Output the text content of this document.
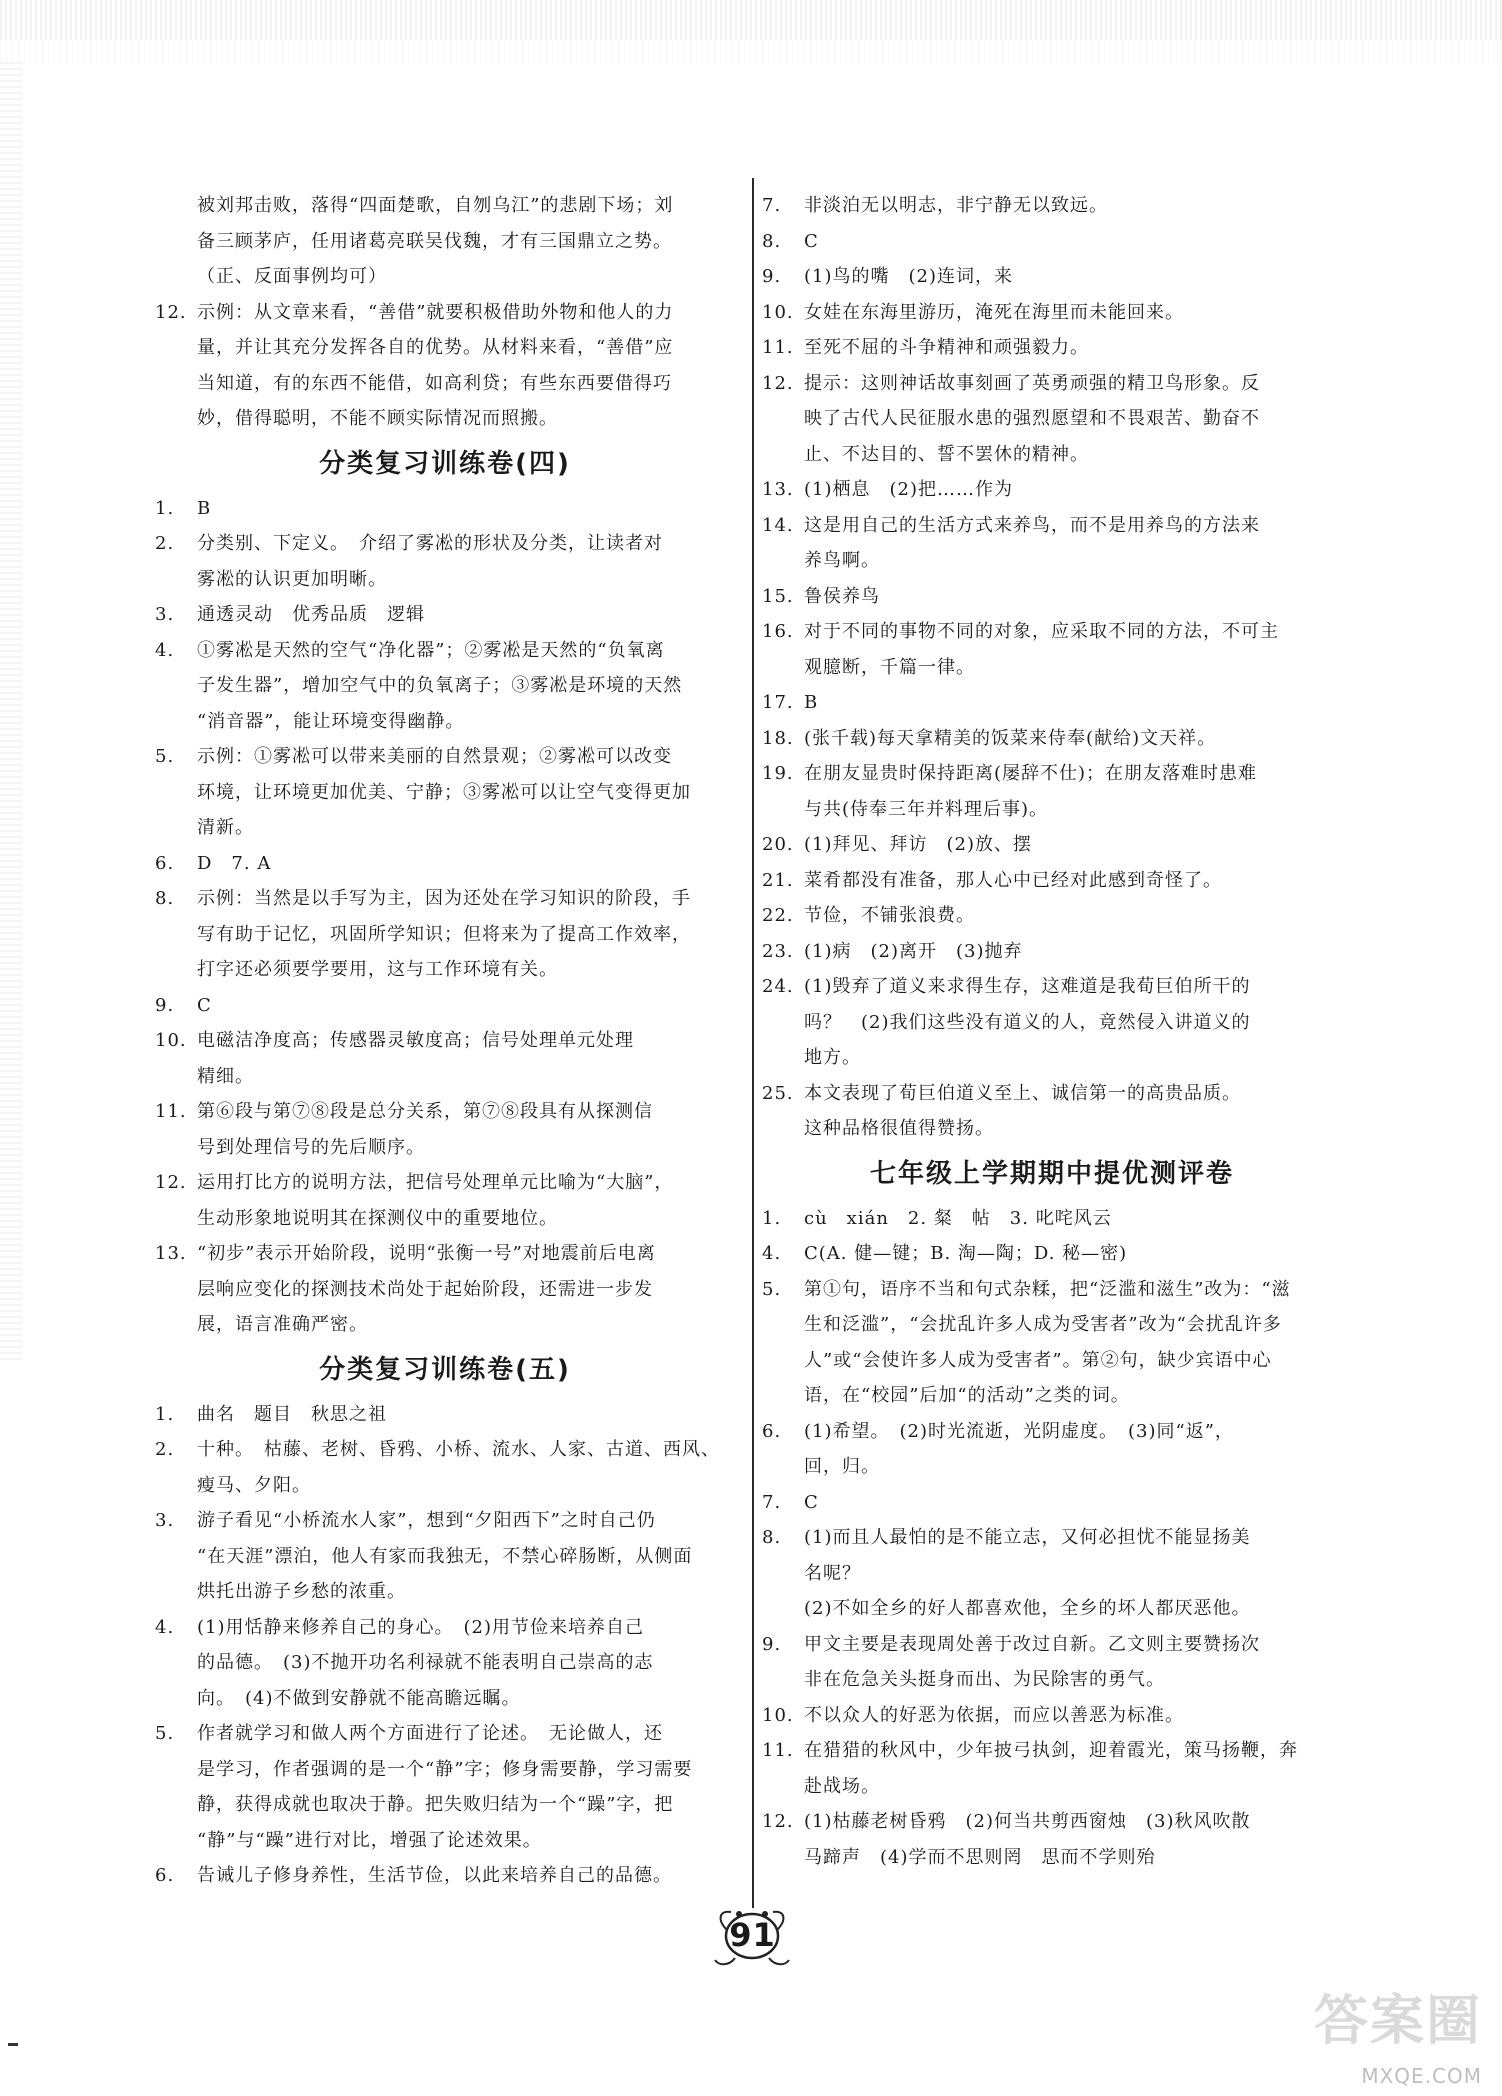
被刘邦击败，落得“四面楚歌，自刎乌江”的悲剧下场；刘
备三顾茅庐，任用诸葛亮联吴伐魏，才有三国鼎立之势。
（正、反面事例均可）
12. 示例：从文章来看，“善借”就要积极借助外物和他人的力
量，并让其充分发挥各自的优势。从材料来看，“善借”应
当知道，有的东西不能借，如高利贷；有些东西要借得巧
妙，借得聪明，不能不顾实际情况而照搬。
分类复习训练卷(四)
1.	B
2.	分类别、下定义。　介绍了雾凇的形状及分类，让读者对
雾凇的认识更加明晰。
3.	通透灵动　优秀品质　逻辑
4.	①雾凇是天然的空气“净化器”；②雾凇是天然的“负氧离
子发生器”，增加空气中的负氧离子；③雾凇是环境的天然
“消音器”，能让环境变得幽静。
5.	示例：①雾凇可以带来美丽的自然景观；②雾凇可以改变
环境，让环境更加优美、宁静；③雾凇可以让空气变得更加
清新。
6.	D　7. A
8.	示例：当然是以手写为主，因为还处在学习知识的阶段，手
写有助于记忆，巩固所学知识；但将来为了提高工作效率，
打字还必须要学要用，这与工作环境有关。
9.	C
10. 电磁洁净度高；传感器灵敏度高；信号处理单元处理
精细。
11. 第⑥段与第⑦⑧段是总分关系，第⑦⑧段具有从探测信
号到处理信号的先后顺序。
12. 运用打比方的说明方法，把信号处理单元比喻为“大脑”，
生动形象地说明其在探测仪中的重要地位。
13. “初步”表示开始阶段，说明“张衡一号”对地震前后电离
层响应变化的探测技术尚处于起始阶段，还需进一步发
展，语言准确严密。
分类复习训练卷(五)
1.	曲名　题目　秋思之祖
2.	十种。　枯藤、老树、昏鸦、小桥、流水、人家、古道、西风、
瘦马、夕阳。
3.	游子看见“小桥流水人家”，想到“夕阳西下”之时自己仍
“在天涯”漂泊，他人有家而我独无，不禁心碎肠断，从侧面
烘托出游子乡愁的浓重。
4.	(1)用恬静来修养自己的身心。　(2)用节俭来培养自己
的品德。　(3)不抛开功名利禄就不能表明自己崇高的志
向。　(4)不做到安静就不能高瞻远瞩。
5.	作者就学习和做人两个方面进行了论述。　无论做人，还
是学习，作者强调的是一个“静”字；修身需要静，学习需要
静，获得成就也取决于静。把失败归结为一个“躁”字，把
“静”与“躁”进行对比，增强了论述效果。
6.	告诫儿子修身养性，生活节俭，以此来培养自己的品德。
7.	非淡泊无以明志，非宁静无以致远。
8.	C
9.	(1)鸟的嘴　(2)连词，来
10. 女娃在东海里游历，淹死在海里而未能回来。
11. 至死不屈的斗争精神和顽强毅力。
12. 提示：这则神话故事刻画了英勇顽强的精卫鸟形象。反
映了古代人民征服水患的强烈愿望和不畏艰苦、勤奋不
止、不达目的、誓不罢休的精神。
13. (1)栖息　(2)把……作为
14. 这是用自己的生活方式来养鸟，而不是用养鸟的方法来
养鸟啊。
15. 鲁侯养鸟
16. 对于不同的事物不同的对象，应采取不同的方法，不可主
观臆断，千篇一律。
17. B
18. (张千载)每天拿精美的饭菜来侍奉(献给)文天祥。
19. 在朋友显贵时保持距离(屡辞不仕)；在朋友落难时患难
与共(侍奉三年并料理后事)。
20. (1)拜见、拜访　(2)放、摆
21. 菜肴都没有准备，那人心中已经对此感到奇怪了。
22. 节俭，不铺张浪费。
23. (1)病　(2)离开　(3)抛弃
24. (1)毁弃了道义来求得生存，这难道是我荀巨伯所干的
吗？　(2)我们这些没有道义的人，竟然侵入讲道义的
地方。
25. 本文表现了荀巨伯道义至上、诚信第一的高贵品质。
这种品格很值得赞扬。
七年级上学期期中提优测评卷
1.	cù　xián　2. 粲　帖　3. 叱咤风云
4.	C(A. 健—键；B. 淘—陶；D. 秘—密)
5.	第①句，语序不当和句式杂糅，把“泛滥和滋生”改为：“滋
生和泛滥”，“会扰乱许多人成为受害者”改为“会扰乱许多
人”或“会使许多人成为受害者”。第②句，缺少宾语中心
语，在“校园”后加“的活动”之类的词。
6.	(1)希望。　(2)时光流逝，光阴虚度。　(3)同“返”，
回，归。
7.	C
8.	(1)而且人最怕的是不能立志，又何必担忧不能显扬美
名呢？
(2)不如全乡的好人都喜欢他，全乡的坏人都厌恶他。
9.	甲文主要是表现周处善于改过自新。乙文则主要赞扬次
非在危急关头挺身而出、为民除害的勇气。
10. 不以众人的好恶为依据，而应以善恶为标准。
11. 在猎猎的秋风中，少年披弓执剑，迎着霞光，策马扬鞭，奔
赴战场。
12. (1)枯藤老树昏鸦　(2)何当共剪西窗烛　(3)秋风吹散
马蹄声　(4)学而不思则罔　思而不学则殆
91
答案圈
MXQE.COM
